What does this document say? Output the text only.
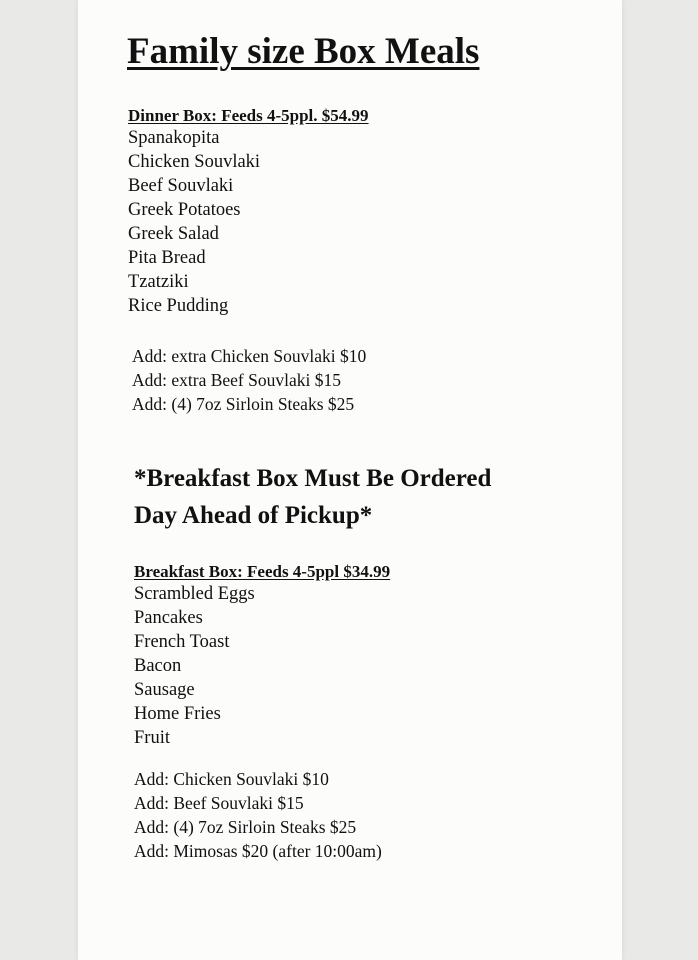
Family size Box Meals
Dinner Box: Feeds 4-5ppl. $54.99
Spanakopita
Chicken Souvlaki
Beef Souvlaki
Greek Potatoes
Greek Salad
Pita Bread
Tzatziki
Rice Pudding
Add: extra Chicken Souvlaki $10
Add: extra Beef Souvlaki $15
Add: (4) 7oz Sirloin Steaks $25
*Breakfast Box Must Be Ordered
Day Ahead of Pickup*
Breakfast Box: Feeds 4-5ppl $34.99
Scrambled Eggs
Pancakes
French Toast
Bacon
Sausage
Home Fries
Fruit
Add: Chicken Souvlaki $10
Add: Beef Souvlaki $15
Add: (4) 7oz Sirloin Steaks $25
Add: Mimosas $20 (after 10:00am)
